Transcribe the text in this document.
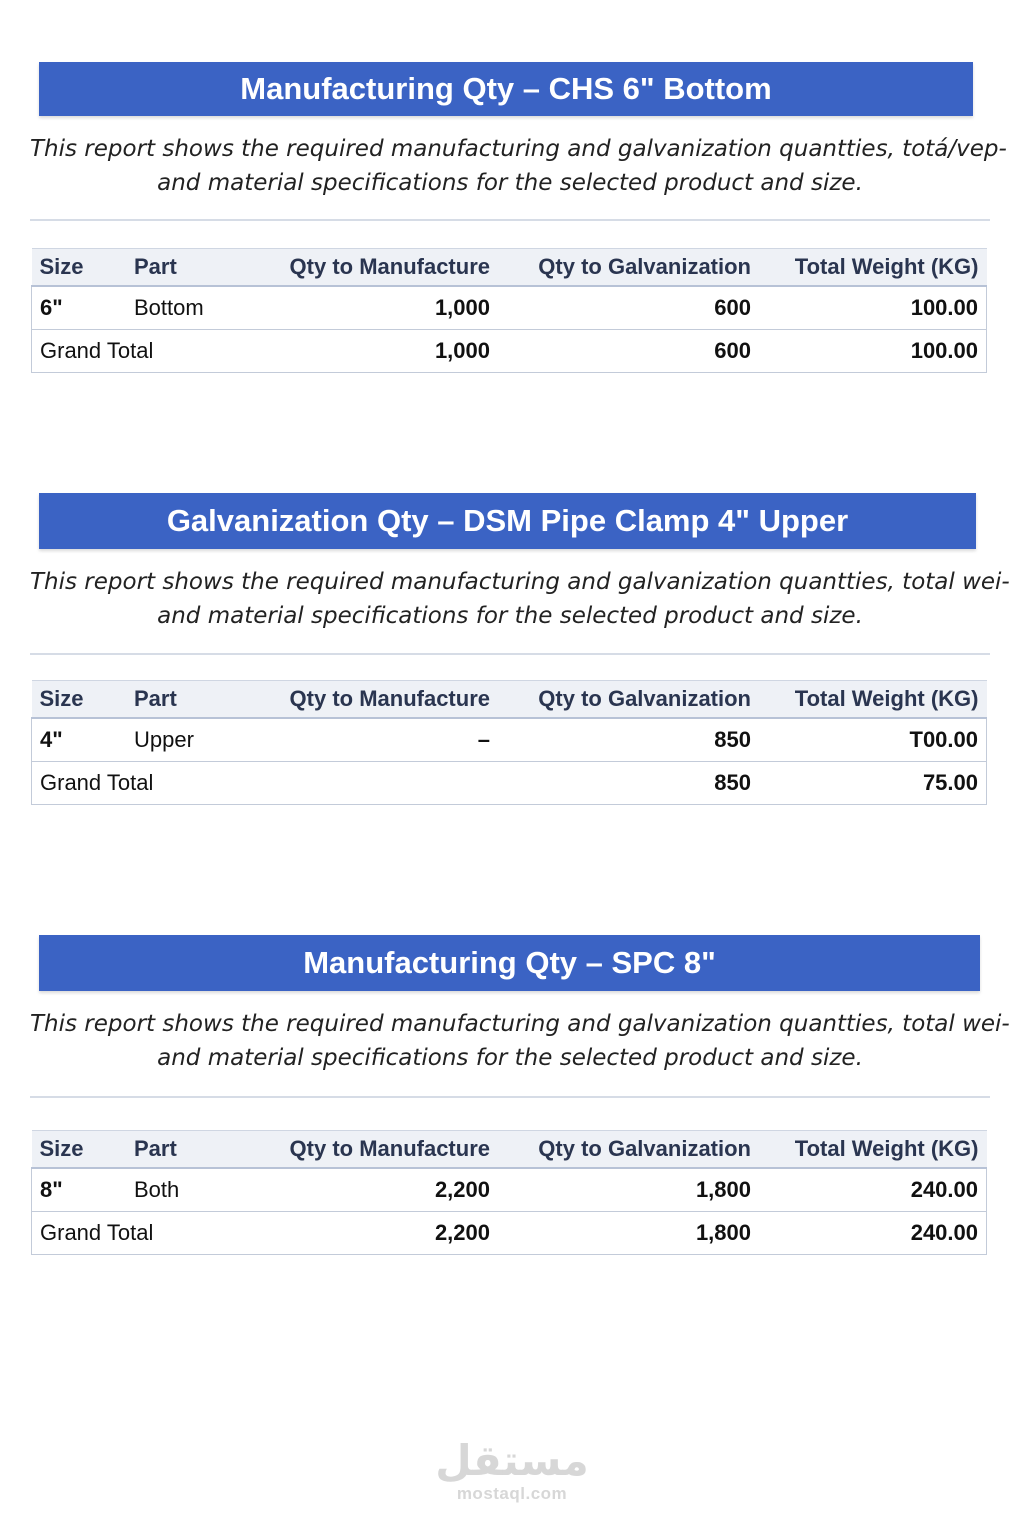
Manufacturing Qty – CHS 6" Bottom
This report shows the required manufacturing and galvanization quantties, totá/vep-
and material specifications for the selected product and size.
Size	Part	Qty to Manufacture	Qty to Galvanization	Total Weight (KG)
6"	Bottom	1,000	600	100.00
Grand Total		1,000	600	100.00
Galvanization Qty – DSM Pipe Clamp 4" Upper
This report shows the required manufacturing and galvanization quantties, total wei-
and material specifications for the selected product and size.
Size	Part	Qty to Manufacture	Qty to Galvanization	Total Weight (KG)
4"	Upper	–	850	T00.00
Grand Total			850	75.00
Manufacturing Qty – SPC 8"
This report shows the required manufacturing and galvanization quantties, total wei-
and material specifications for the selected product and size.
Size	Part	Qty to Manufacture	Qty to Galvanization	Total Weight (KG)
8"	Both	2,200	1,800	240.00
Grand Total		2,200	1,800	240.00
مستقل
mostaql.com
